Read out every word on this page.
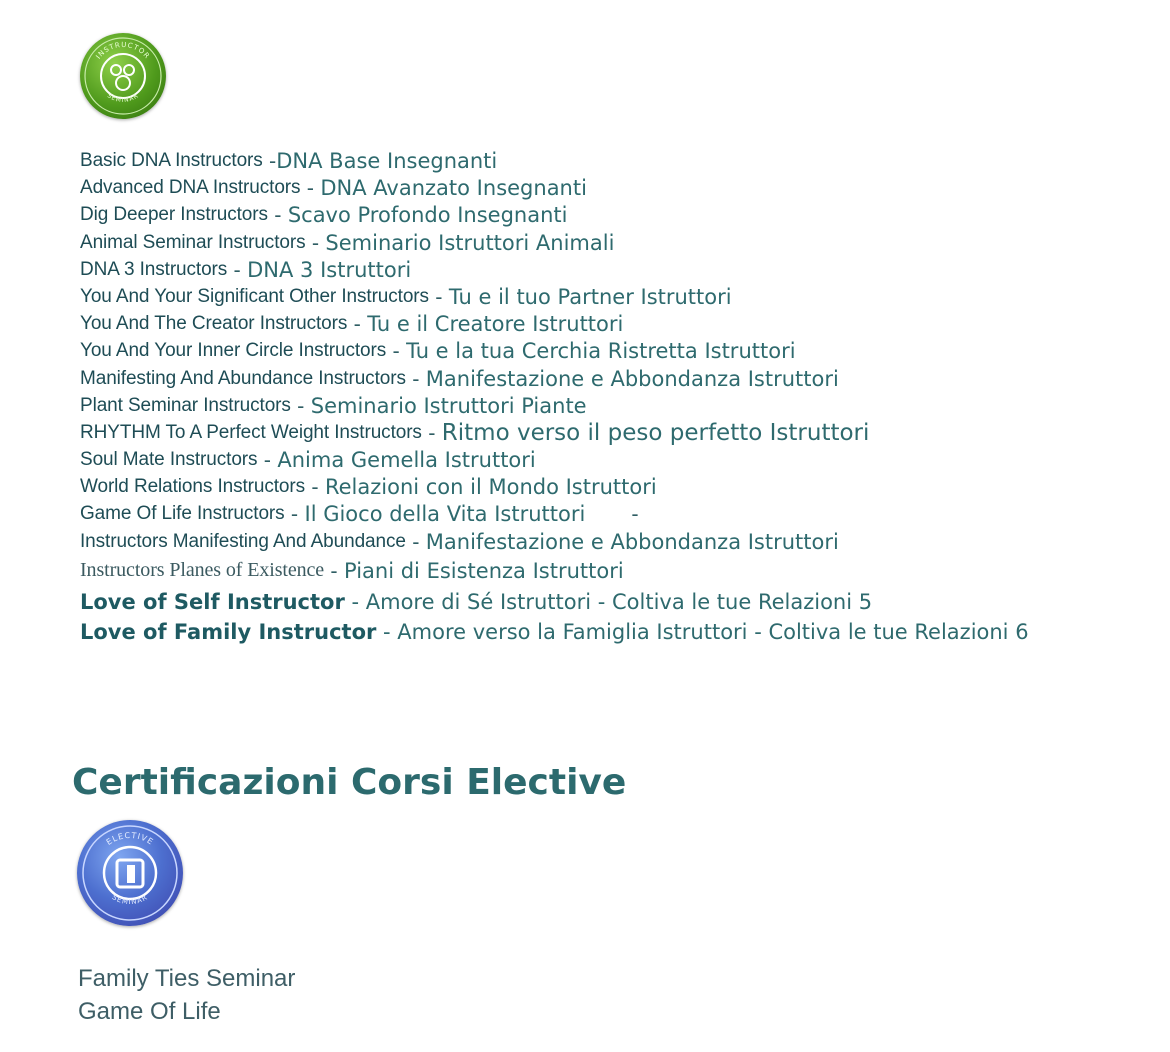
INSTRUCTOR
SEMINAR
Basic DNA Instructors -DNA Base Insegnanti
Advanced DNA Instructors - DNA Avanzato Insegnanti
Dig Deeper Instructors - Scavo Profondo Insegnanti
Animal Seminar Instructors - Seminario Istruttori Animali
DNA 3 Instructors - DNA 3 Istruttori
You And Your Significant Other Instructors - Tu e il tuo Partner Istruttori
You And The Creator Instructors - Tu e il Creatore Istruttori
You And Your Inner Circle Instructors - Tu e la tua Cerchia Ristretta Istruttori
Manifesting And Abundance Instructors - Manifestazione e Abbondanza Istruttori
Plant Seminar Instructors - Seminario Istruttori Piante
RHYTHM To A Perfect Weight Instructors - Ritmo verso il peso perfetto Istruttori
Soul Mate Instructors - Anima Gemella Istruttori
World Relations Instructors - Relazioni con il Mondo Istruttori
Game Of Life Instructors - Il Gioco della Vita Istruttori -
Instructors Manifesting And Abundance - Manifestazione e Abbondanza Istruttori
Instructors Planes of Existence - Piani di Esistenza Istruttori
Love of Self Instructor - Amore di Sé Istruttori - Coltiva le tue Relazioni 5
Love of Family Instructor - Amore verso la Famiglia Istruttori - Coltiva le tue Relazioni 6
Certificazioni Corsi Elective
ELECTIVE
SEMINAR
Family Ties Seminar
Game Of Life
